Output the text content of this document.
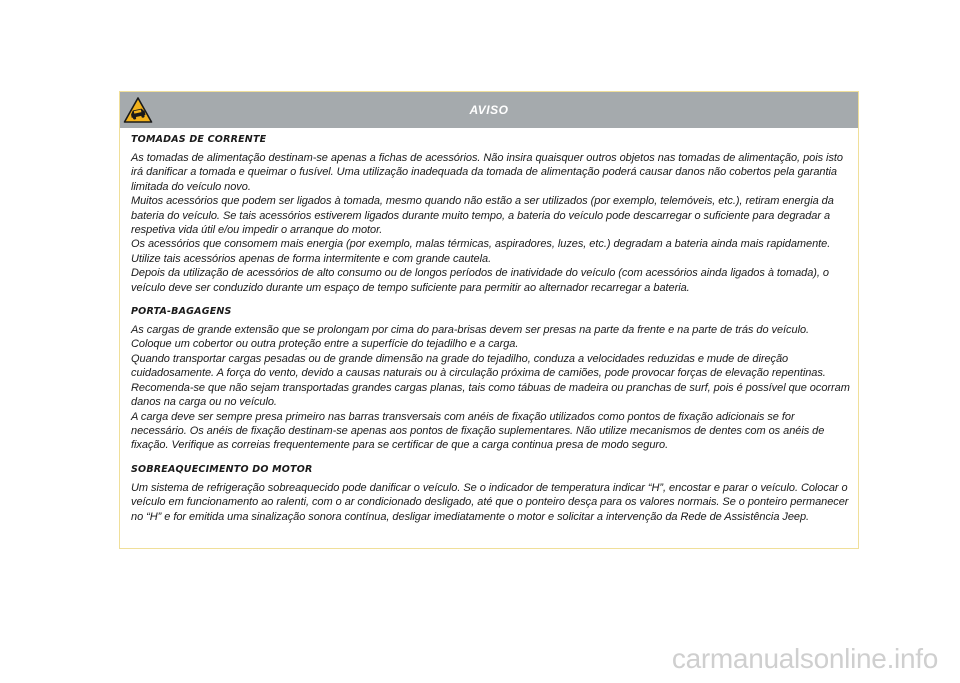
AVISO
TOMADAS DE CORRENTE
As tomadas de alimentação destinam-se apenas a fichas de acessórios. Não insira quaisquer outros objetos nas tomadas de alimentação, pois isto irá danificar a tomada e queimar o fusível. Uma utilização inadequada da tomada de alimentação poderá causar danos não cobertos pela garantia limitada do veículo novo.
Muitos acessórios que podem ser ligados à tomada, mesmo quando não estão a ser utilizados (por exemplo, telemóveis, etc.), retiram energia da bateria do veículo. Se tais acessórios estiverem ligados durante muito tempo, a bateria do veículo pode descarregar o suficiente para degradar a respetiva vida útil e/ou impedir o arranque do motor.
Os acessórios que consomem mais energia (por exemplo, malas térmicas, aspiradores, luzes, etc.) degradam a bateria ainda mais rapidamente. Utilize tais acessórios apenas de forma intermitente e com grande cautela.
Depois da utilização de acessórios de alto consumo ou de longos períodos de inatividade do veículo (com acessórios ainda ligados à tomada), o veículo deve ser conduzido durante um espaço de tempo suficiente para permitir ao alternador recarregar a bateria.
PORTA-BAGAGENS
As cargas de grande extensão que se prolongam por cima do para-brisas devem ser presas na parte da frente e na parte de trás do veículo. Coloque um cobertor ou outra proteção entre a superfície do tejadilho e a carga.
Quando transportar cargas pesadas ou de grande dimensão na grade do tejadilho, conduza a velocidades reduzidas e mude de direção cuidadosamente. A força do vento, devido a causas naturais ou à circulação próxima de camiões, pode provocar forças de elevação repentinas. Recomenda-se que não sejam transportadas grandes cargas planas, tais como tábuas de madeira ou pranchas de surf, pois é possível que ocorram danos na carga ou no veículo.
A carga deve ser sempre presa primeiro nas barras transversais com anéis de fixação utilizados como pontos de fixação adicionais se for necessário. Os anéis de fixação destinam-se apenas aos pontos de fixação suplementares. Não utilize mecanismos de dentes com os anéis de fixação. Verifique as correias frequentemente para se certificar de que a carga continua presa de modo seguro.
SOBREAQUECIMENTO DO MOTOR
Um sistema de refrigeração sobreaquecido pode danificar o veículo. Se o indicador de temperatura indicar “H”, encostar e parar o veículo. Colocar o veículo em funcionamento ao ralenti, com o ar condicionado desligado, até que o ponteiro desça para os valores normais. Se o ponteiro permanecer no “H” e for emitida uma sinalização sonora contínua, desligar imediatamente o motor e solicitar a intervenção da Rede de Assistência Jeep.
carmanualsonline.info
